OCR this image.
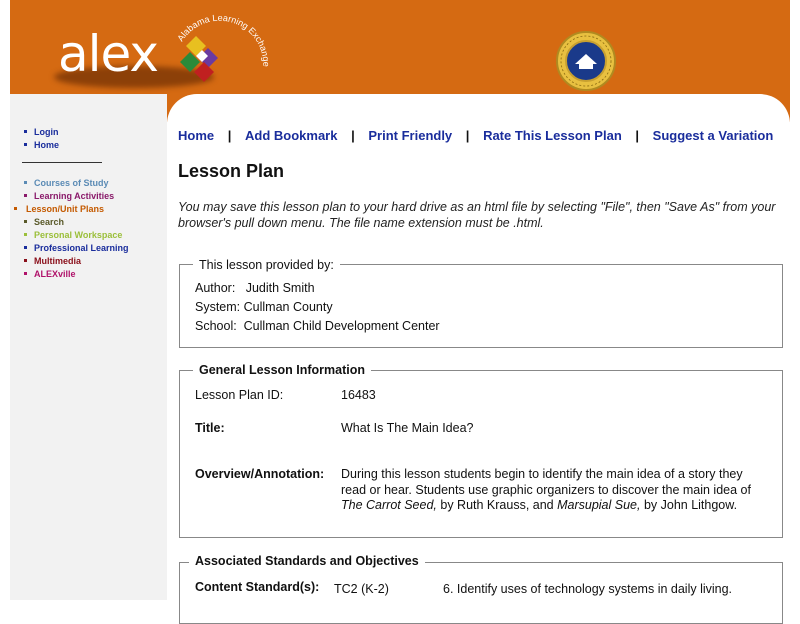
alex Alabama Learning Exchange
Login
Home
Courses of Study
Learning Activities
Lesson/Unit Plans
Search
Personal Workspace
Professional Learning
Multimedia
ALEXville
Home | Add Bookmark | Print Friendly | Rate This Lesson Plan | Suggest a Variation
Lesson Plan
You may save this lesson plan to your hard drive as an html file by selecting "File", then "Save As" from your browser's pull down menu. The file name extension must be .html.
This lesson provided by:
Author: Judith Smith
System: Cullman County
School: Cullman Child Development Center
General Lesson Information
Lesson Plan ID:	16483
Title:	What Is The Main Idea?
Overview/Annotation: During this lesson students begin to identify the main idea of a story they read or hear. Students use graphic organizers to discover the main idea of The Carrot Seed, by Ruth Krauss, and Marsupial Sue, by John Lithgow.
Associated Standards and Objectives
Content Standard(s): TC2 (K-2)	6. Identify uses of technology systems in daily living.
